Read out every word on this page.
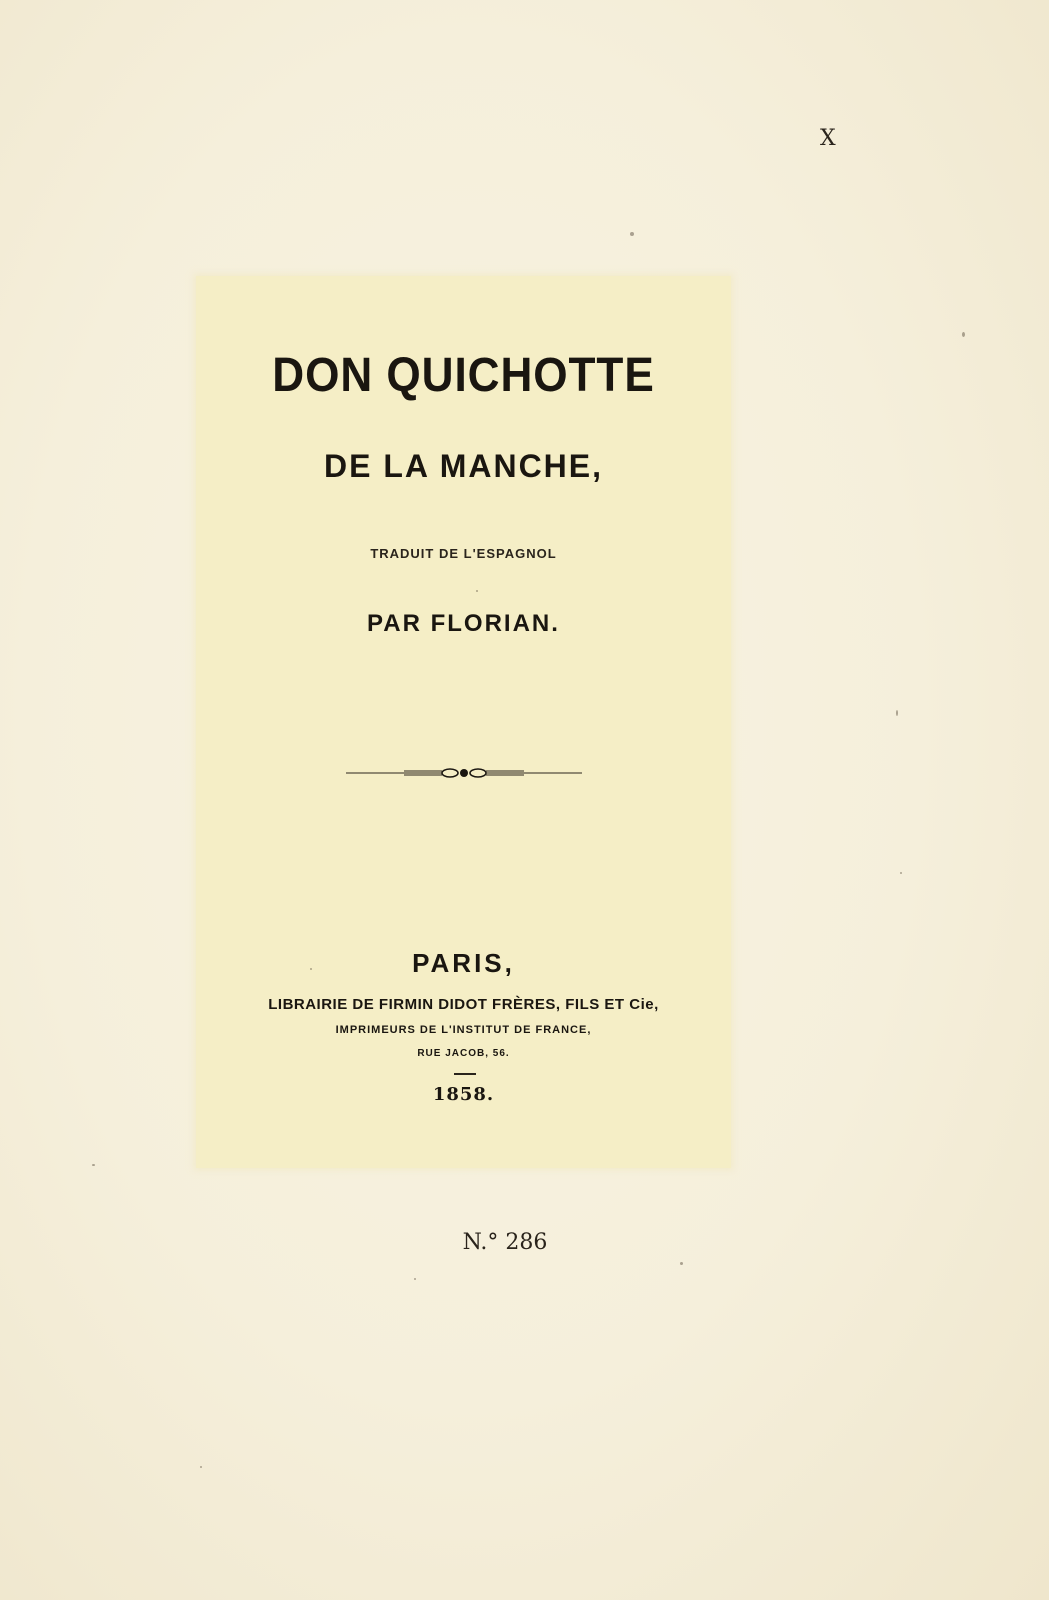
X
DON QUICHOTTE
DE LA MANCHE,
TRADUIT DE L'ESPAGNOL
PAR FLORIAN.
PARIS,
LIBRAIRIE DE FIRMIN DIDOT FRÈRES, FILS ET Cie,
IMPRIMEURS DE L'INSTITUT DE FRANCE,
RUE JACOB, 56.
1858.
N.° 286
